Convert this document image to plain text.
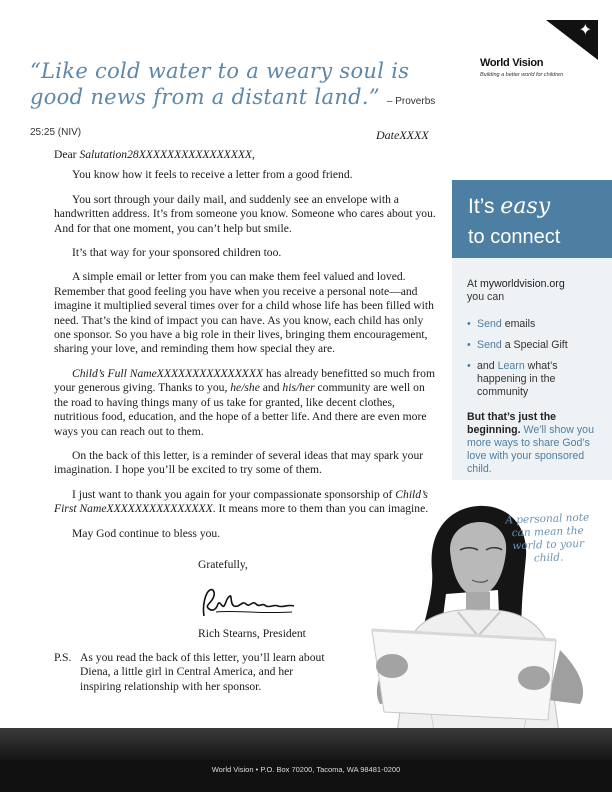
“Like cold water to a weary soul is
good news from a distant land.” – Proverbs 25:25 (NIV)
✦
World Vision
Building a better world for children
DateXXXX

Dear Salutation28XXXXXXXXXXXXXXXX,

You know how it feels to receive a letter from a good friend.

You sort through your daily mail, and suddenly see an envelope with a handwritten address. It’s from someone you know. Someone who cares about you. And for that one moment, you can’t help but smile.

It’s that way for your sponsored children too.

A simple email or letter from you can make them feel valued and loved. Remember that good feeling you have when you receive a personal note—and imagine it multiplied several times over for a child whose life has been filled with need. That’s the kind of impact you can have. As you know, each child has only one sponsor. So you have a big role in their lives, bringing them encouragement, sharing your love, and reminding them how special they are.

Child’s Full NameXXXXXXXXXXXXXXX has already benefitted so much from your generous giving. Thanks to you, he/she and his/her community are well on the road to having things many of us take for granted, like decent clothes, nutritious food, education, and the hope of a better life. And there are even more ways you can reach out to them.

On the back of this letter, is a reminder of several ideas that may spark your imagination. I hope you’ll be excited to try some of them.

I just want to thank you again for your compassionate sponsorship of Child’s First NameXXXXXXXXXXXXXXX. It means more to them than you can imagine.

May God continue to bless you.

Gratefully,
Rich Stearns, President
P.S. As you read the back of this letter, you’ll learn about Diena, a little girl in Central America, and her inspiring relationship with her sponsor.
It’s easy
to connect
At myworldvision.org
you can
• Send emails
• Send a Special Gift
• and Learn what’s happening in the community
But that’s just the beginning. We’ll show you more ways to share God’s love with your sponsored child.
A personal note can mean the world to your child.
World Vision • P.O. Box 70200, Tacoma, WA 98481-0200
